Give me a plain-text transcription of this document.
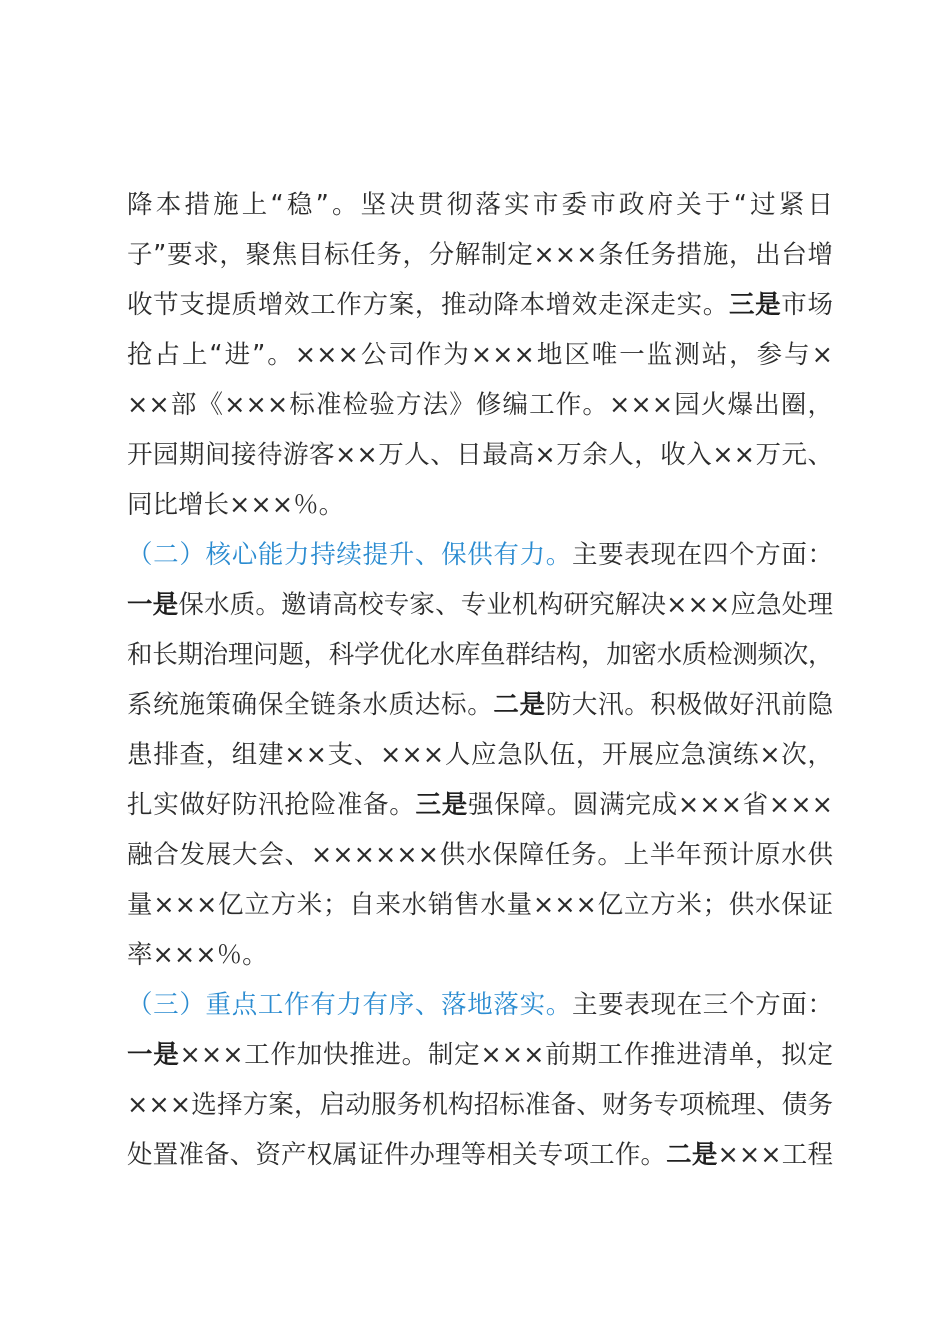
降本措施上“稳”。坚决贯彻落实市委市政府关于“过紧日
子”要求，聚焦目标任务，分解制定×××条任务措施，出台增
收节支提质增效工作方案，推动降本增效走深走实。三是市场
抢占上“进”。×××公司作为×××地区唯一监测站，参与×
××部《×××标准检验方法》修编工作。×××园火爆出圈，
开园期间接待游客××万人、日最高×万余人，收入××万元、
同比增长×××％。
（二）核心能力持续提升、保供有力。主要表现在四个方面：
一是保水质。邀请高校专家、专业机构研究解决×××应急处理
和长期治理问题，科学优化水库鱼群结构，加密水质检测频次，
系统施策确保全链条水质达标。二是防大汛。积极做好汛前隐
患排查，组建××支、×××人应急队伍，开展应急演练×次，
扎实做好防汛抢险准备。三是强保障。圆满完成×××省×××
融合发展大会、××××××供水保障任务。上半年预计原水供
量×××亿立方米；自来水销售水量×××亿立方米；供水保证
率×××％。
（三）重点工作有力有序、落地落实。主要表现在三个方面：
一是×××工作加快推进。制定×××前期工作推进清单，拟定
×××选择方案，启动服务机构招标准备、财务专项梳理、债务
处置准备、资产权属证件办理等相关专项工作。二是×××工程
